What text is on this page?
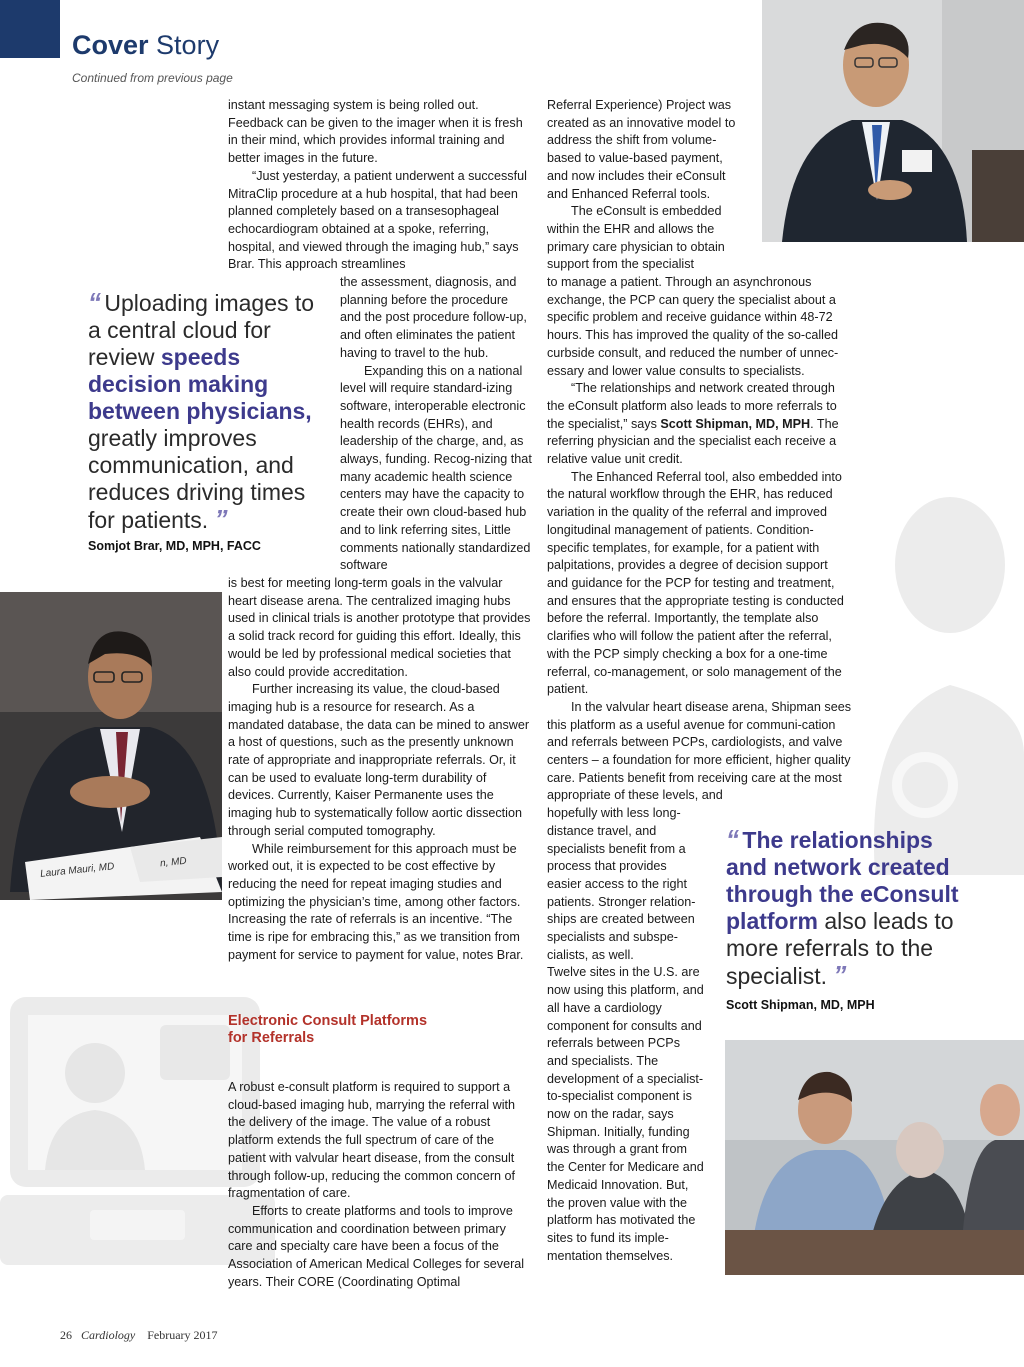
Cover Story
Continued from previous page
Laura Mauri, MD	n, MD

instant messaging system is being rolled out. Feedback can be given to the imager when it is fresh in their mind, which provides informal training and better images in the future.

“Just yesterday, a patient underwent a successful MitraClip procedure at a hub hospital, that had been planned completely based on a transesophageal echocardiogram obtained at a spoke, referring, hospital, and viewed through the imaging hub,” says Brar. This approach streamlines

the assessment, diagnosis, and planning before the procedure and the post procedure follow-up, and often eliminates the patient having to travel to the hub.

Expanding this on a national level will require standard-izing software, interoperable electronic health records (EHRs), and leadership of the charge, and, as always, funding. Recog-nizing that many academic health science centers may have the capacity to create their own cloud-based hub and to link referring sites, Little comments nationally standardized software

is best for meeting long-term goals in the valvular heart disease arena. The centralized imaging hubs used in clinical trials is another prototype that provides a solid track record for guiding this effort. Ideally, this would be led by professional medical societies that also could provide accreditation.

Further increasing its value, the cloud-based imaging hub is a resource for research. As a mandated database, the data can be mined to answer a host of questions, such as the presently unknown rate of appropriate and inappropriate referrals. Or, it can be used to evaluate long-term durability of devices. Currently, Kaiser Permanente uses the imaging hub to systematically follow aortic dissection through serial computed tomography.

While reimbursement for this approach must be worked out, it is expected to be cost effective by reducing the need for repeat imaging studies and optimizing the physician’s time, among other factors. Increasing the rate of referrals is an incentive. “The time is ripe for embracing this,” as we transition from payment for service to payment for value, notes Brar.

Electronic Consult Platforms for Referrals

A robust e-consult platform is required to support a cloud-based imaging hub, marrying the referral with the delivery of the image. The value of a robust platform extends the full spectrum of care of the patient with valvular heart disease, from the consult through follow-up, reducing the common concern of fragmentation of care.

Efforts to create platforms and tools to improve communication and coordination between primary care and specialty care have been a focus of the Association of American Medical Colleges for several years. Their CORE (Coordinating Optimal

Referral Experience) Project was created as an innovative model to address the shift from volume-based to value-based payment, and now includes their eConsult and Enhanced Referral tools.

The eConsult is embedded within the EHR and allows the primary care physician to obtain support from the specialist

to manage a patient. Through an asynchronous exchange, the PCP can query the specialist about a specific problem and receive guidance within 48-72 hours. This has improved the quality of the so-called curbside consult, and reduced the number of unnec-essary and lower value consults to specialists.

“The relationships and network created through the eConsult platform also leads to more referrals to the specialist,” says Scott Shipman, MD, MPH. The referring physician and the specialist each receive a relative value unit credit.

The Enhanced Referral tool, also embedded into the natural workflow through the EHR, has reduced variation in the quality of the referral and improved longitudinal management of patients. Condition-specific templates, for example, for a patient with palpitations, provides a degree of decision support and guidance for the PCP for testing and treatment, and ensures that the appropriate testing is conducted before the referral. Importantly, the template also clarifies who will follow the patient after the referral, with the PCP simply checking a box for a one-time referral, co-management, or solo management of the patient.

In the valvular heart disease arena, Shipman sees this platform as a useful avenue for communi-cation and referrals between PCPs, cardiologists, and valve centers – a foundation for more efficient, higher quality care. Patients benefit from receiving care at the most appropriate of these levels, and

hopefully with less long-distance travel, and specialists benefit from a process that provides easier access to the right patients. Stronger relation-ships are created between specialists and subspe-cialists, as well.

Twelve sites in the U.S. are now using this platform, and all have a cardiology component for consults and referrals between PCPs and specialists. The development of a specialist-to-specialist component is now on the radar, says Shipman. Initially, funding was through a grant from the Center for Medicare and Medicaid Innovation. But, the proven value with the platform has motivated the sites to fund its imple-mentation themselves.

“ Uploading images to a central cloud for review speeds decision making between physicians, greatly improves communication, and reduces driving times for patients. ”
Somjot Brar, MD, MPH, FACC
“ The relationships and network created through the eConsult platform also leads to more referrals to the specialist. ”
Scott Shipman, MD, MPH
26 Cardiology February 2017
